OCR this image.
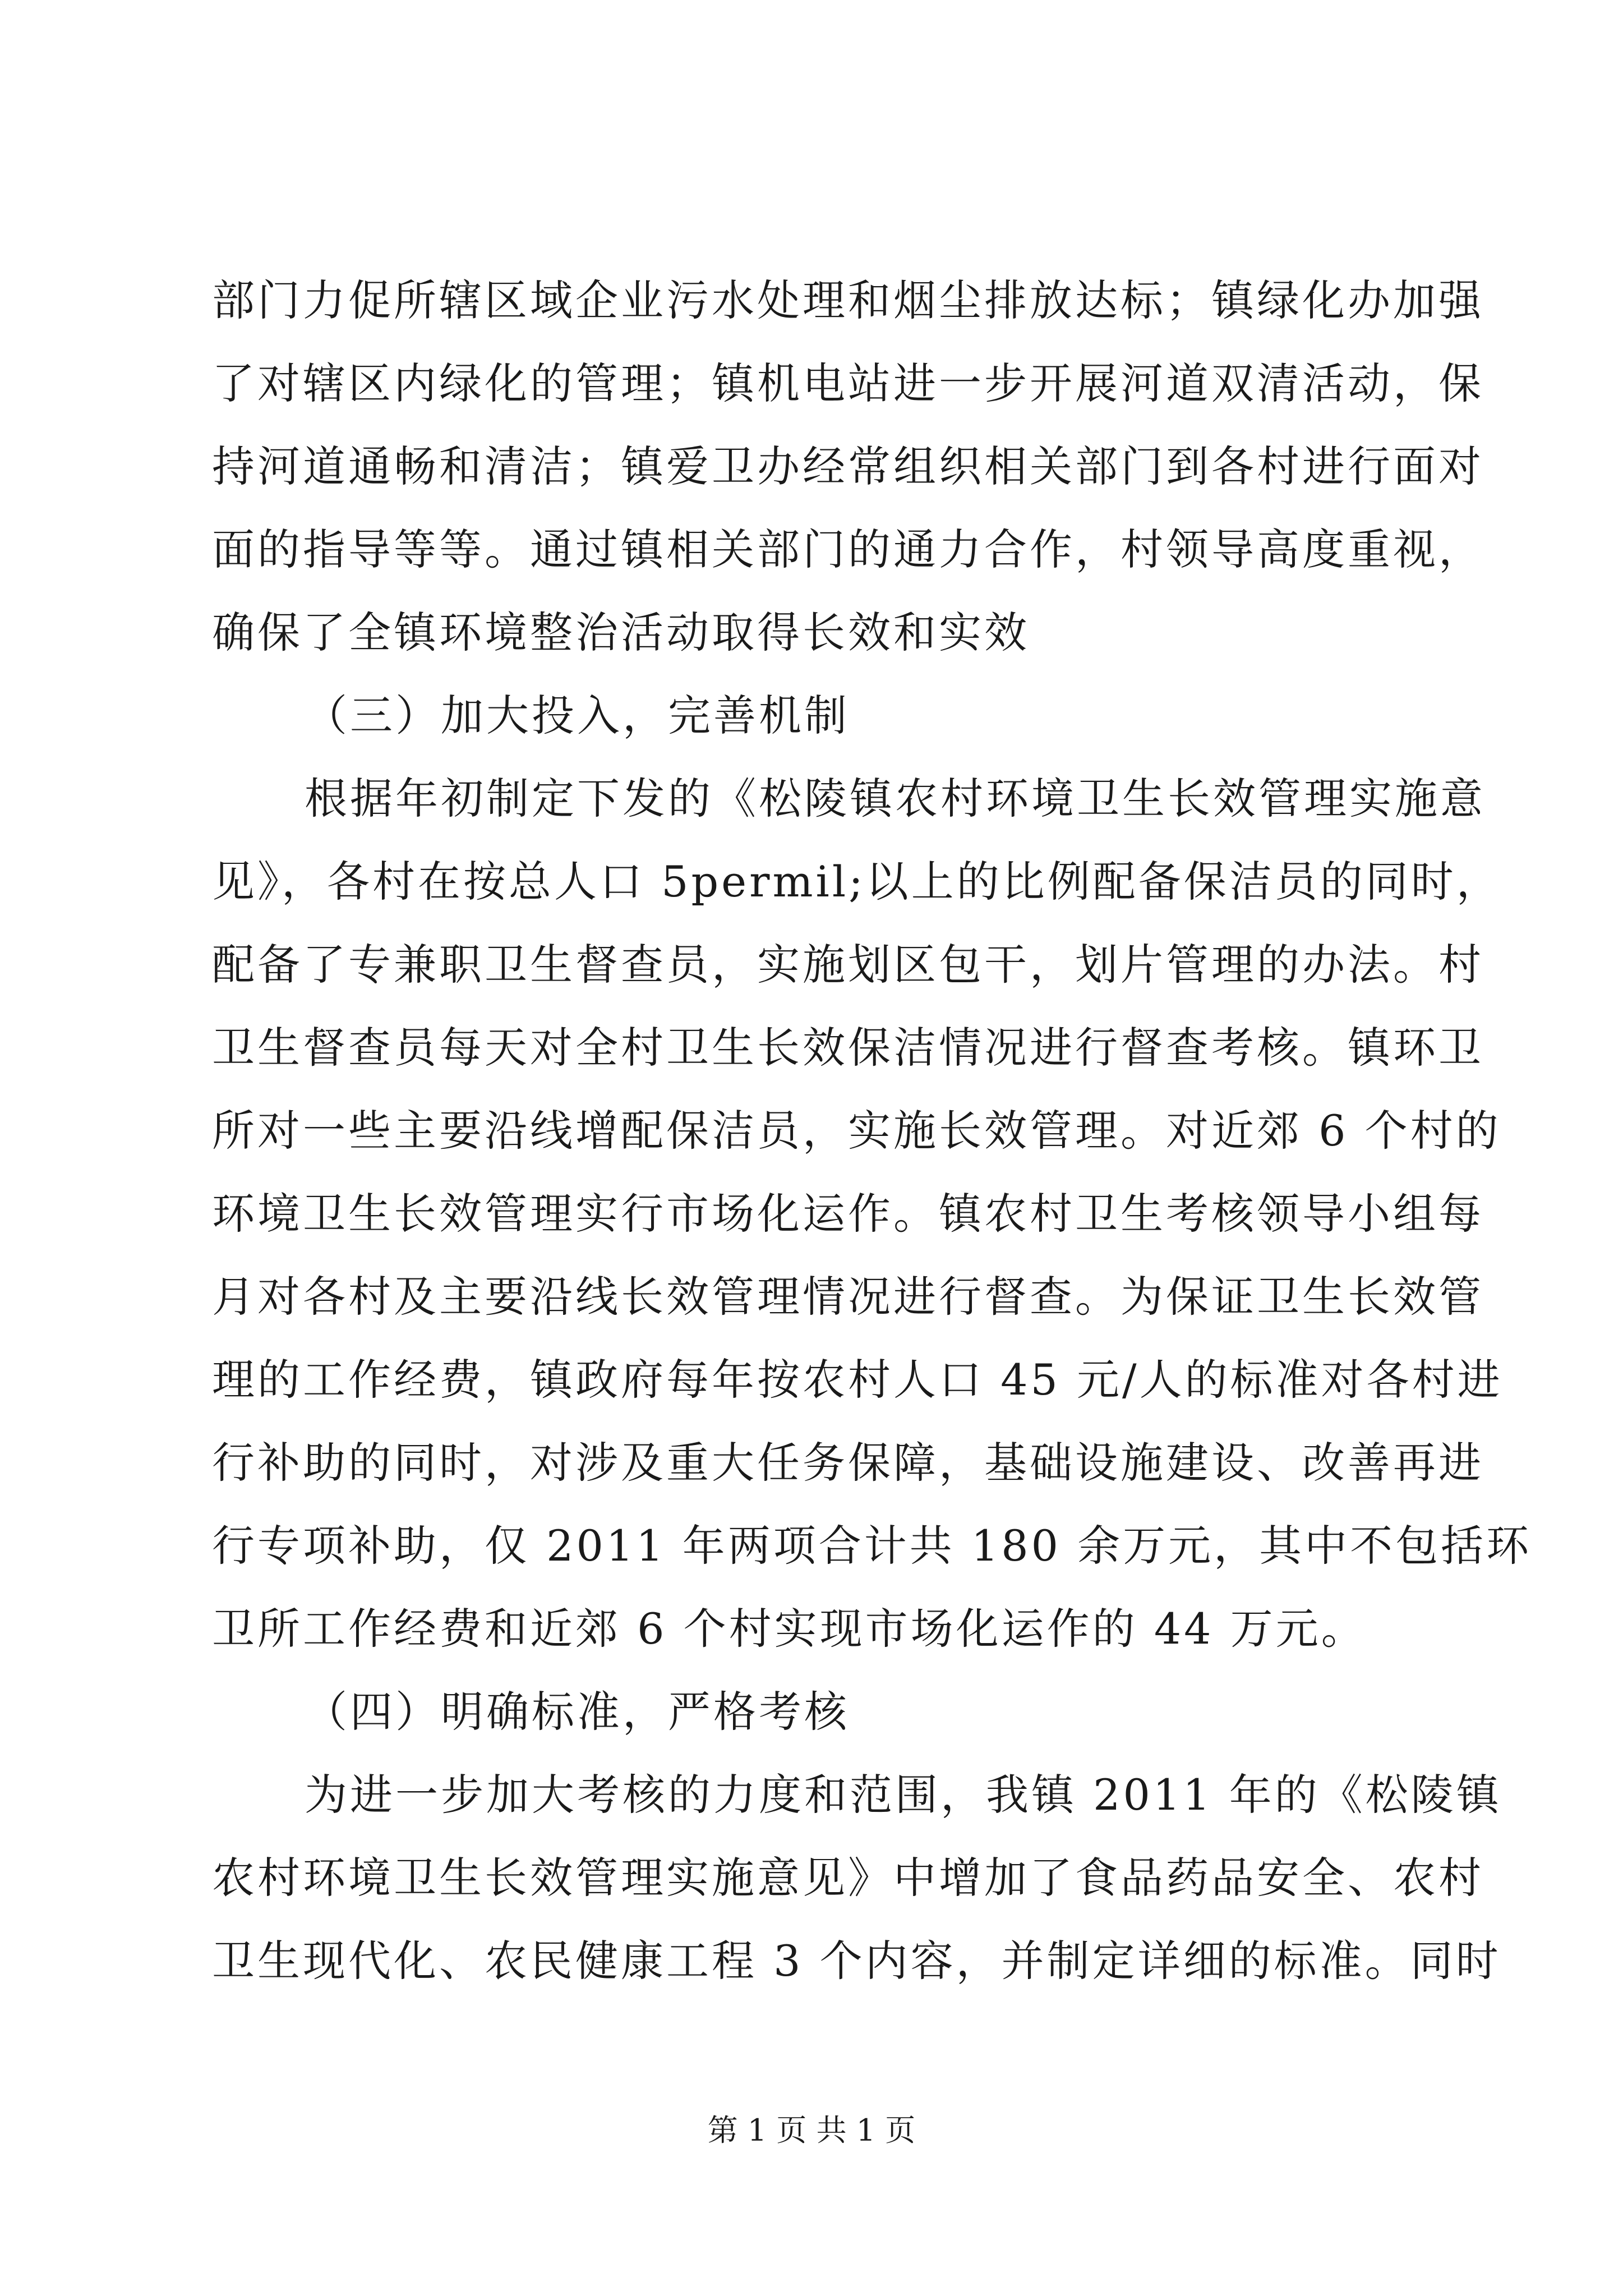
部门力促所辖区域企业污水处理和烟尘排放达标；镇绿化办加强
了对辖区内绿化的管理；镇机电站进一步开展河道双清活动，保
持河道通畅和清洁；镇爱卫办经常组织相关部门到各村进行面对
面的指导等等。通过镇相关部门的通力合作，村领导高度重视，
确保了全镇环境整治活动取得长效和实效
（三）加大投入，完善机制
根据年初制定下发的《松陵镇农村环境卫生长效管理实施意
见》，各村在按总人口 5permil;以上的比例配备保洁员的同时，
配备了专兼职卫生督查员，实施划区包干，划片管理的办法。村
卫生督查员每天对全村卫生长效保洁情况进行督查考核。镇环卫
所对一些主要沿线增配保洁员，实施长效管理。对近郊 6 个村的
环境卫生长效管理实行市场化运作。镇农村卫生考核领导小组每
月对各村及主要沿线长效管理情况进行督查。为保证卫生长效管
理的工作经费，镇政府每年按农村人口 45 元/人的标准对各村进
行补助的同时，对涉及重大任务保障，基础设施建设、改善再进
行专项补助，仅 2011 年两项合计共 180 余万元，其中不包括环
卫所工作经费和近郊 6 个村实现市场化运作的 44 万元。
（四）明确标准，严格考核
为进一步加大考核的力度和范围，我镇 2011 年的《松陵镇
农村环境卫生长效管理实施意见》中增加了食品药品安全、农村
卫生现代化、农民健康工程 3 个内容，并制定详细的标准。同时
第 1 页 共 1 页
